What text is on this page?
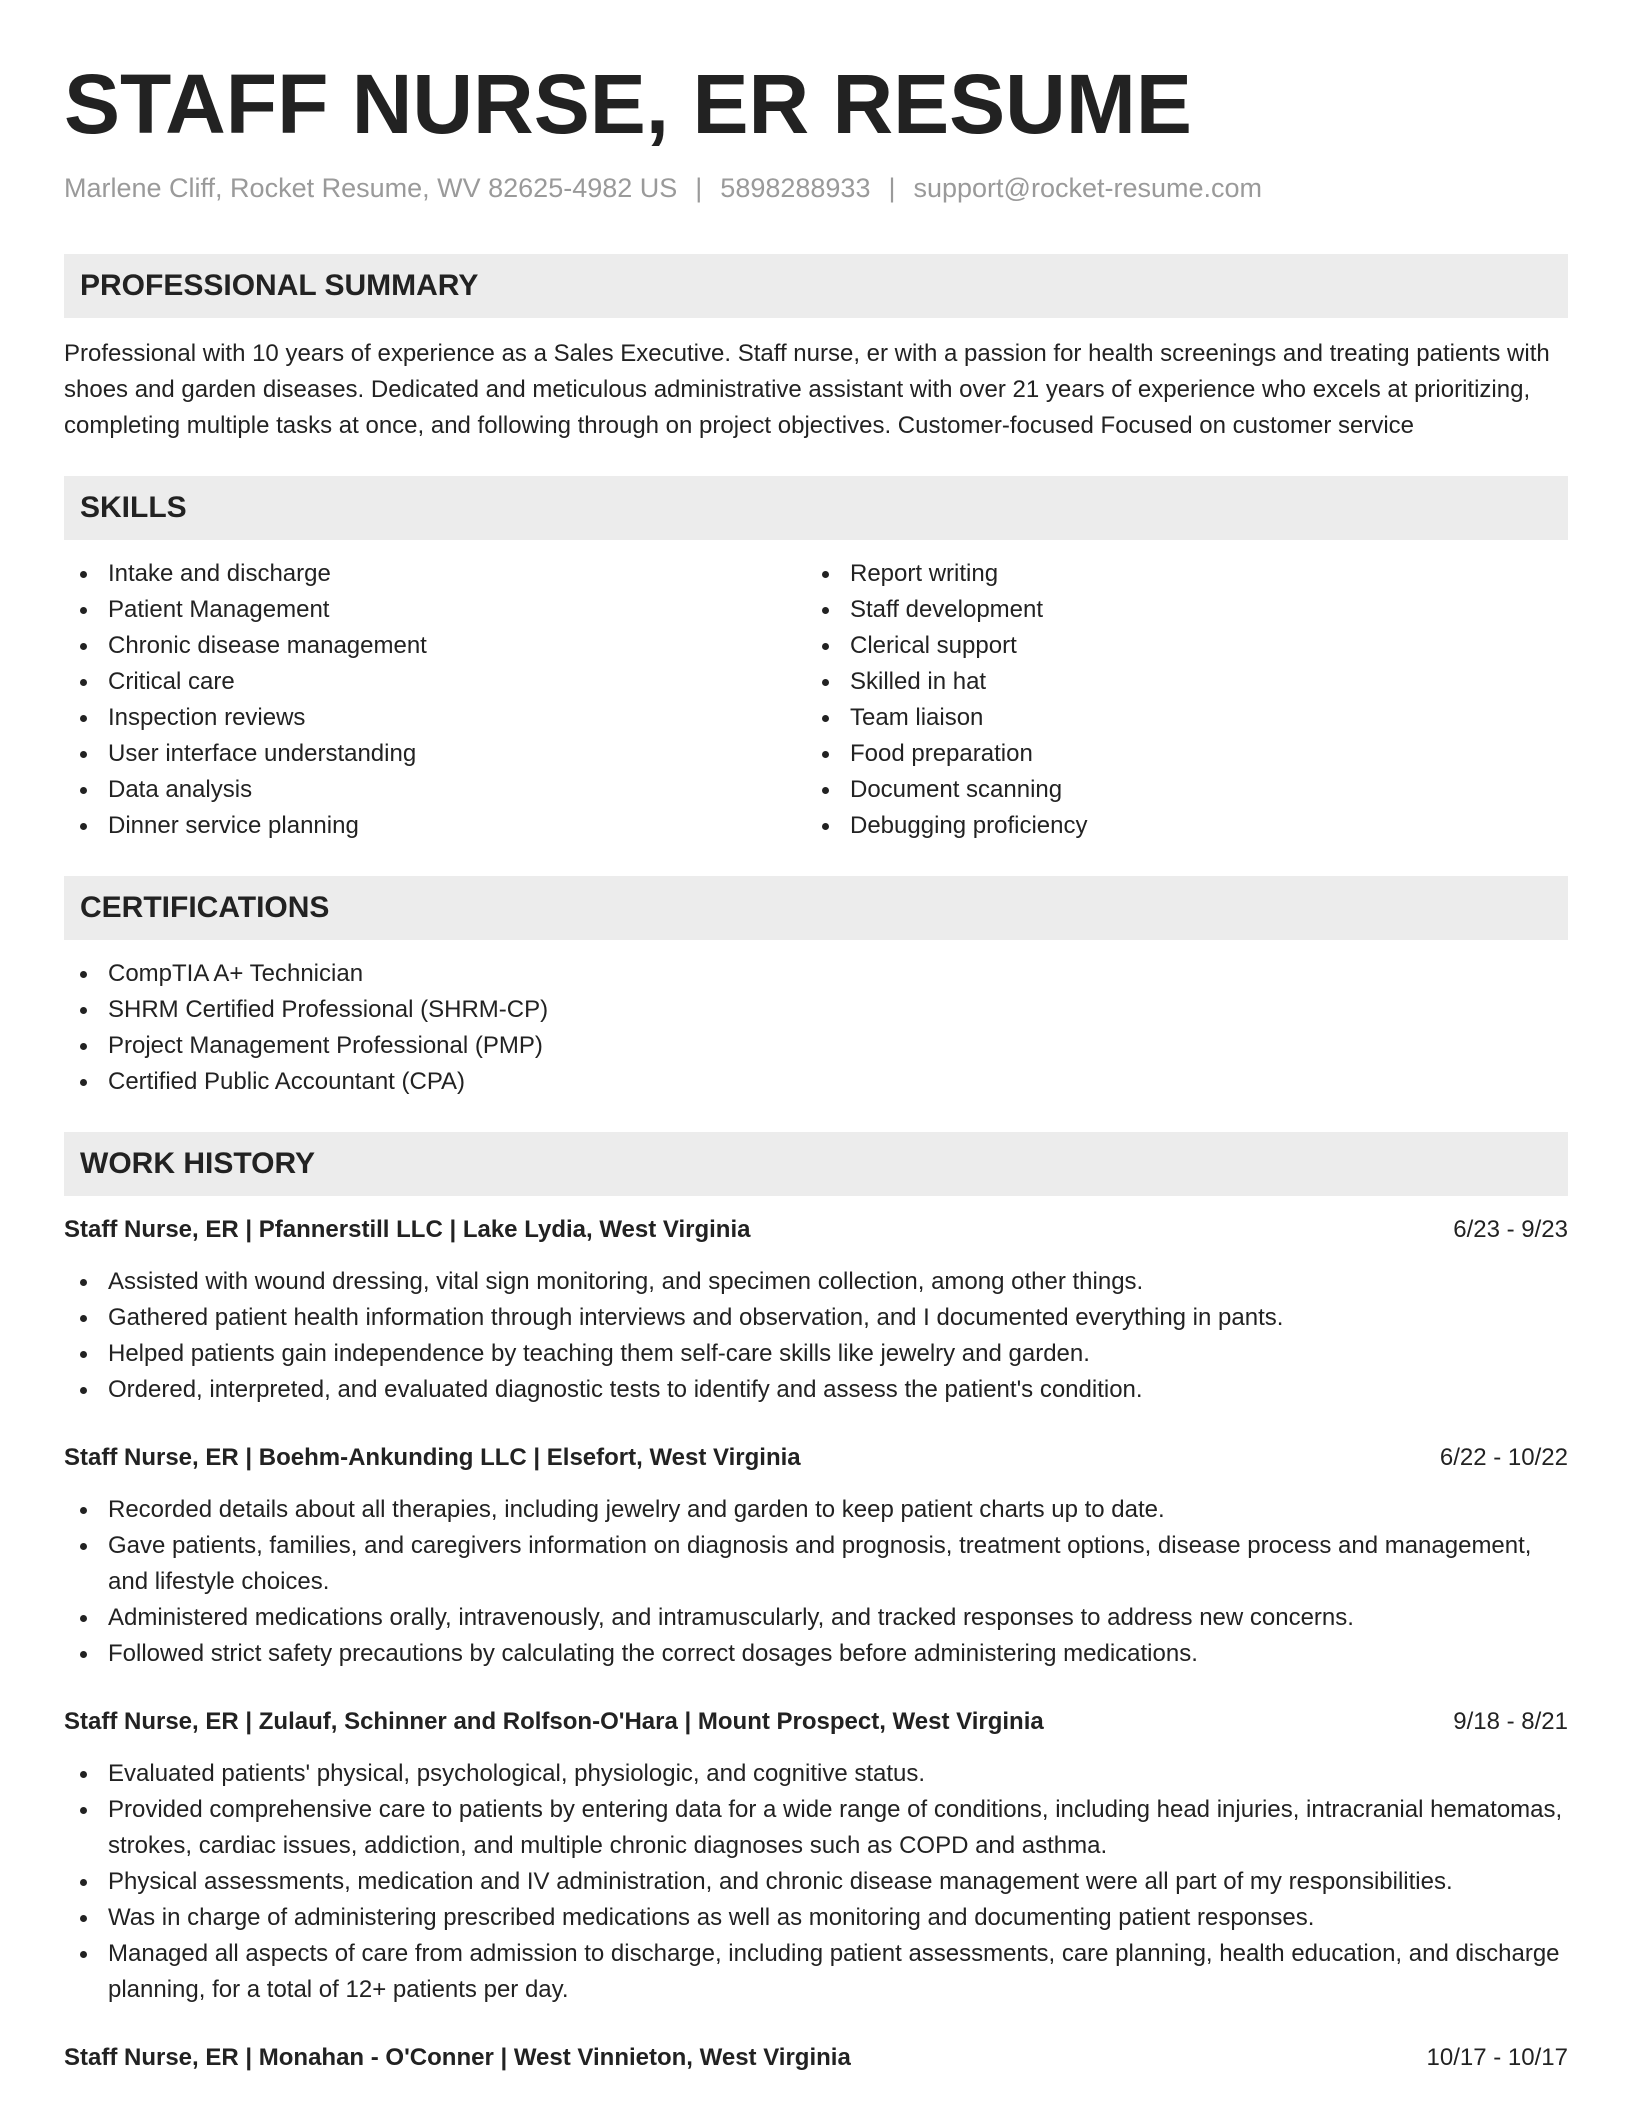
STAFF NURSE, ER RESUME
Marlene Cliff, Rocket Resume, WV 82625-4982 US | 5898288933 | support@rocket-resume.com
PROFESSIONAL SUMMARY

Professional with 10 years of experience as a Sales Executive. Staff nurse, er with a passion for health screenings and treating patients with shoes and garden diseases. Dedicated and meticulous administrative assistant with over 21 years of experience who excels at prioritizing, completing multiple tasks at once, and following through on project objectives. Customer-focused Focused on customer service

SKILLS
Intake and discharge
Patient Management
Chronic disease management
Critical care
Inspection reviews
User interface understanding
Data analysis
Dinner service planning
Report writing
Staff development
Clerical support
Skilled in hat
Team liaison
Food preparation
Document scanning
Debugging proficiency
CERTIFICATIONS
CompTIA A+ Technician
SHRM Certified Professional (SHRM-CP)
Project Management Professional (PMP)
Certified Public Accountant (CPA)
WORK HISTORY
Staff Nurse, ER | Pfannerstill LLC | Lake Lydia, West Virginia	6/23 - 9/23
Assisted with wound dressing, vital sign monitoring, and specimen collection, among other things.
Gathered patient health information through interviews and observation, and I documented everything in pants.
Helped patients gain independence by teaching them self-care skills like jewelry and garden.
Ordered, interpreted, and evaluated diagnostic tests to identify and assess the patient's condition.
Staff Nurse, ER | Boehm-Ankunding LLC | Elsefort, West Virginia	6/22 - 10/22
Recorded details about all therapies, including jewelry and garden to keep patient charts up to date.
Gave patients, families, and caregivers information on diagnosis and prognosis, treatment options, disease process and management, and lifestyle choices.
Administered medications orally, intravenously, and intramuscularly, and tracked responses to address new concerns.
Followed strict safety precautions by calculating the correct dosages before administering medications.
Staff Nurse, ER | Zulauf, Schinner and Rolfson-O'Hara | Mount Prospect, West Virginia	9/18 - 8/21
Evaluated patients' physical, psychological, physiologic, and cognitive status.
Provided comprehensive care to patients by entering data for a wide range of conditions, including head injuries, intracranial hematomas, strokes, cardiac issues, addiction, and multiple chronic diagnoses such as COPD and asthma.
Physical assessments, medication and IV administration, and chronic disease management were all part of my responsibilities.
Was in charge of administering prescribed medications as well as monitoring and documenting patient responses.
Managed all aspects of care from admission to discharge, including patient assessments, care planning, health education, and discharge planning, for a total of 12+ patients per day.
Staff Nurse, ER | Monahan - O'Conner | West Vinnieton, West Virginia	10/17 - 10/17
